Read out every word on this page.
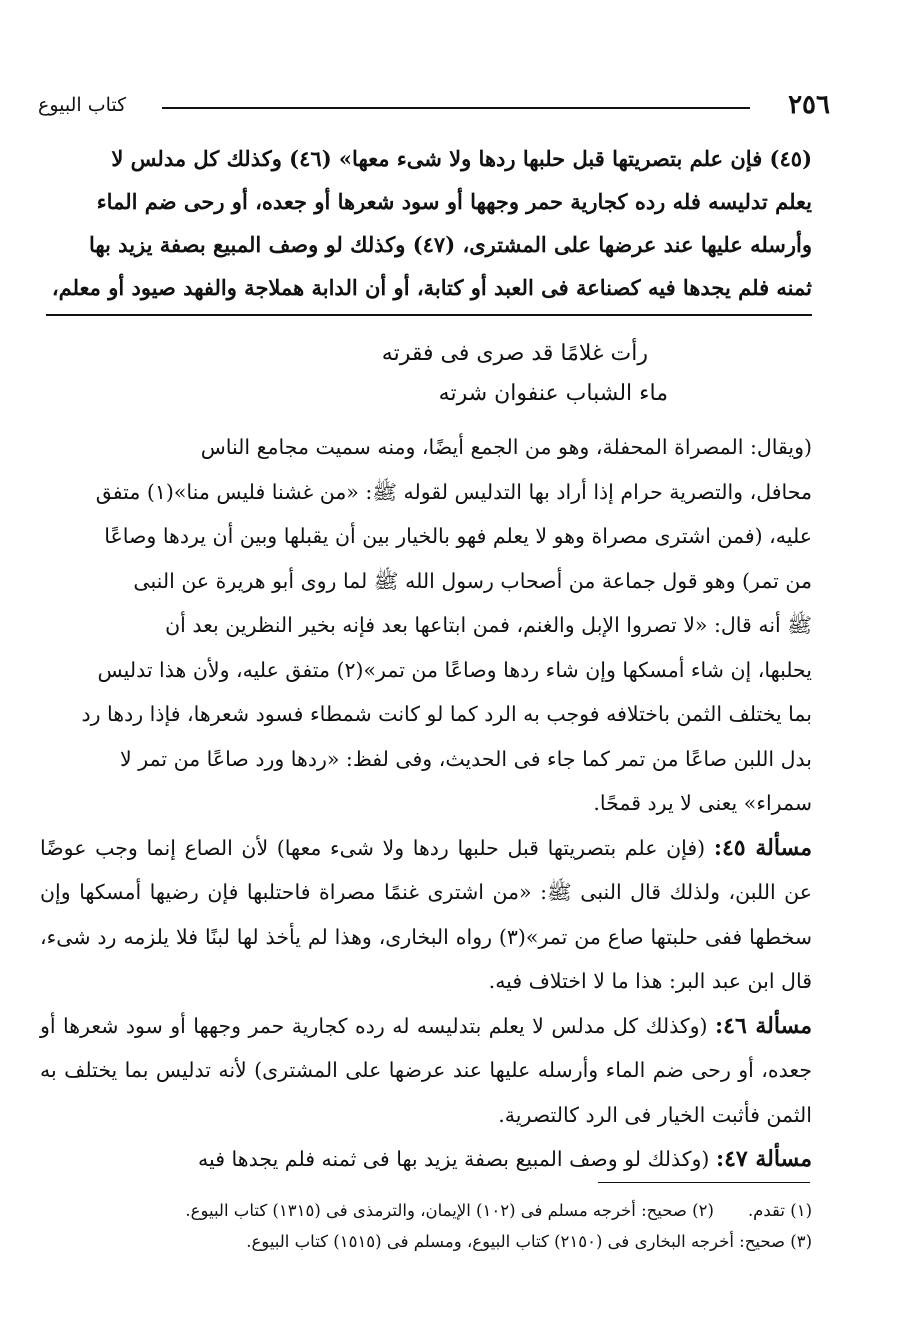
٢٥٦
كتاب البيوع
(٤٥) فإن علم بتصريتها قبل حلبها ردها ولا شىء معها» (٤٦) وكذلك كل مدلس لا
يعلم تدليسه فله رده كجارية حمر وجهها أو سود شعرها أو جعده، أو رحى ضم الماء
وأرسله عليها عند عرضها على المشترى، (٤٧) وكذلك لو وصف المبيع بصفة يزيد بها
ثمنه فلم يجدها فيه كصناعة فى العبد أو كتابة، أو أن الدابة هملاجة والفهد صيود أو معلم،
رأت غلامًا قد صرى فى فقرته
ماء الشباب عنفوان شرته
(ويقال: المصراة المحفلة، وهو من الجمع أيضًا، ومنه سميت مجامع الناس
محافل، والتصرية حرام إذا أراد بها التدليس لقوله ﷺ: «من غشنا فليس منا»(١) متفق
عليه، (فمن اشترى مصراة وهو لا يعلم فهو بالخيار بين أن يقبلها وبين أن يردها وصاعًا
من تمر) وهو قول جماعة من أصحاب رسول الله ﷺ لما روى أبو هريرة عن النبى
ﷺ أنه قال: «لا تصروا الإبل والغنم، فمن ابتاعها بعد فإنه بخير النظرين بعد أن
يحلبها، إن شاء أمسكها وإن شاء ردها وصاعًا من تمر»(٢) متفق عليه، ولأن هذا تدليس
بما يختلف الثمن باختلافه فوجب به الرد كما لو كانت شمطاء فسود شعرها، فإذا ردها رد
بدل اللبن صاعًا من تمر كما جاء فى الحديث، وفى لفظ: «ردها ورد صاعًا من تمر لا
سمراء» يعنى لا يرد قمحًا.

مسألة ٤٥: (فإن علم بتصريتها قبل حلبها ردها ولا شىء معها) لأن الصاع إنما وجب عوضًا عن اللبن، ولذلك قال النبى ﷺ: «من اشترى غنمًا مصراة فاحتلبها فإن رضيها أمسكها وإن سخطها ففى حلبتها صاع من تمر»(٣) رواه البخارى، وهذا لم يأخذ لها لبنًا فلا يلزمه رد شىء، قال ابن عبد البر: هذا ما لا اختلاف فيه.

مسألة ٤٦: (وكذلك كل مدلس لا يعلم بتدليسه له رده كجارية حمر وجهها أو سود شعرها أو جعده، أو رحى ضم الماء وأرسله عليها عند عرضها على المشترى) لأنه تدليس بما يختلف به الثمن فأثبت الخيار فى الرد كالتصرية.

مسألة ٤٧: (وكذلك لو وصف المبيع بصفة يزيد بها فى ثمنه فلم يجدها فيه

(١) تقدم.(٢) صحيح: أخرجه مسلم فى (١٠٢) الإيمان، والترمذى فى (١٣١٥) كتاب البيوع.
(٣) صحيح: أخرجه البخارى فى (٢١٥٠) كتاب البيوع، ومسلم فى (١٥١٥) كتاب البيوع.
